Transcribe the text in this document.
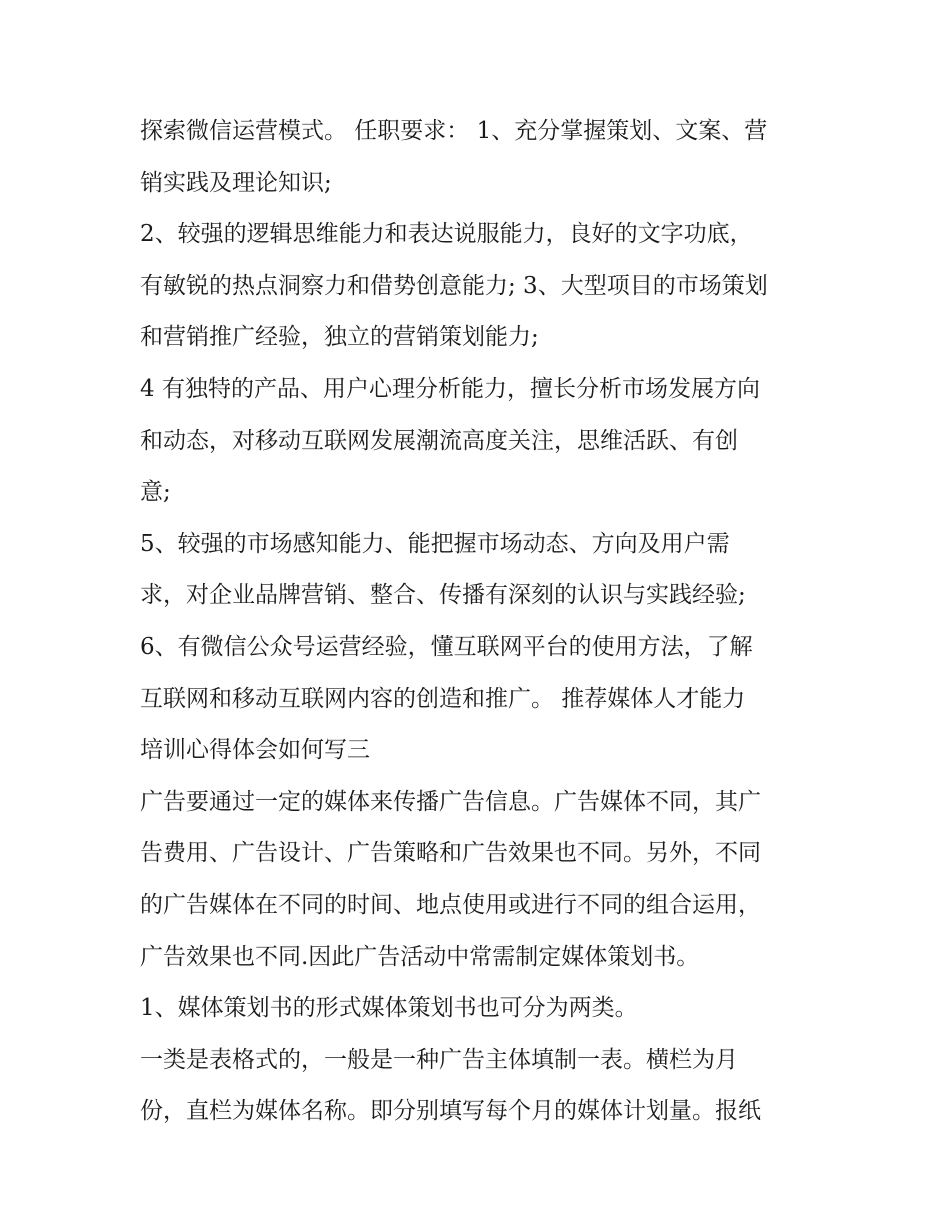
探索微信运营模式。 任职要求： 1、充分掌握策划、文案、营
销实践及理论知识;
2、较强的逻辑思维能力和表达说服能力，良好的文字功底，
有敏锐的热点洞察力和借势创意能力; 3、大型项目的市场策划
和营销推广经验，独立的营销策划能力;
4 有独特的产品、用户心理分析能力，擅长分析市场发展方向
和动态，对移动互联网发展潮流高度关注，思维活跃、有创
意;
5、较强的市场感知能力、能把握市场动态、方向及用户需
求，对企业品牌营销、整合、传播有深刻的认识与实践经验;
6、有微信公众号运营经验，懂互联网平台的使用方法，了解
互联网和移动互联网内容的创造和推广。 推荐媒体人才能力
培训心得体会如何写三
广告要通过一定的媒体来传播广告信息。广告媒体不同，其广
告费用、广告设计、广告策略和广告效果也不同。另外，不同
的广告媒体在不同的时间、地点使用或进行不同的组合运用，
广告效果也不同.因此广告活动中常需制定媒体策划书。
1、媒体策划书的形式媒体策划书也可分为两类。
一类是表格式的，一般是一种广告主体填制一表。横栏为月
份，直栏为媒体名称。即分别填写每个月的媒体计划量。报纸
